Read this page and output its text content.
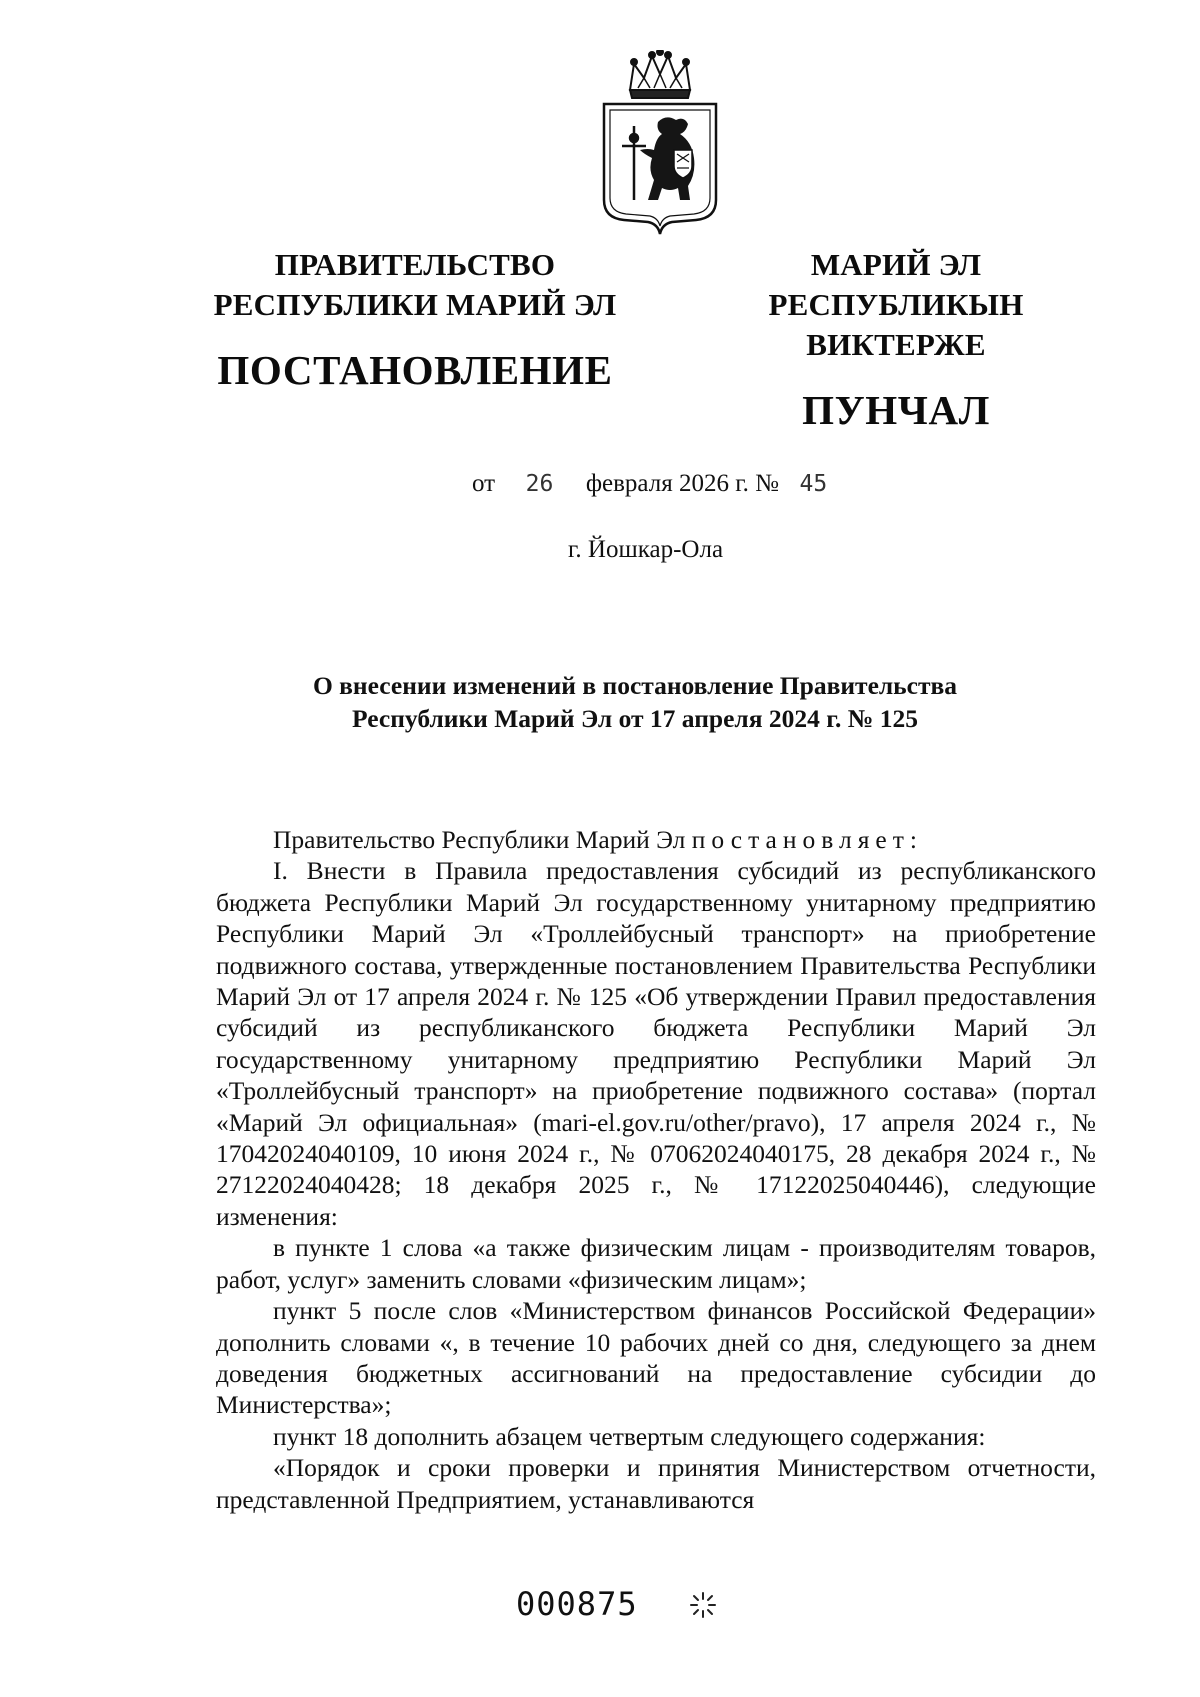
ПРАВИТЕЛЬСТВО
РЕСПУБЛИКИ МАРИЙ ЭЛ
ПОСТАНОВЛЕНИЕ
МАРИЙ ЭЛ РЕСПУБЛИКЫН
ВИКТЕРЖЕ
ПУНЧАЛ
от 26 февраля 2026 г. № 45
г. Йошкар-Ола
О внесении изменений в постановление Правительства
Республики Марий Эл от 17 апреля 2024 г. № 125

Правительство Республики Марий Эл постановляет:

I. Внести в Правила предоставления субсидий из республиканского бюджета Республики Марий Эл государственному унитарному предприятию Республики Марий Эл «Троллейбусный транспорт» на приобретение подвижного состава, утвержденные постановлением Правительства Республики Марий Эл от 17 апреля 2024 г. № 125 «Об утверждении Правил предоставления субсидий из республиканского бюджета Республики Марий Эл государственному унитарному предприятию Республики Марий Эл «Троллейбусный транспорт» на приобретение подвижного состава» (портал «Марий Эл официальная» (mari-el.gov.ru/other/pravo), 17 апреля 2024 г., № 17042024040109, 10 июня 2024 г., № 07062024040175, 28 декабря 2024 г., № 27122024040428; 18 декабря 2025 г., № 17122025040446), следующие изменения:

в пункте 1 слова «а также физическим лицам - производителям товаров, работ, услуг» заменить словами «физическим лицам»;

пункт 5 после слов «Министерством финансов Российской Федерации» дополнить словами «, в течение 10 рабочих дней со дня, следующего за днем доведения бюджетных ассигнований на предоставление субсидии до Министерства»;

пункт 18 дополнить абзацем четвертым следующего содержания:

«Порядок и сроки проверки и принятия Министерством отчетности, представленной Предприятием, устанавливаются

000875
